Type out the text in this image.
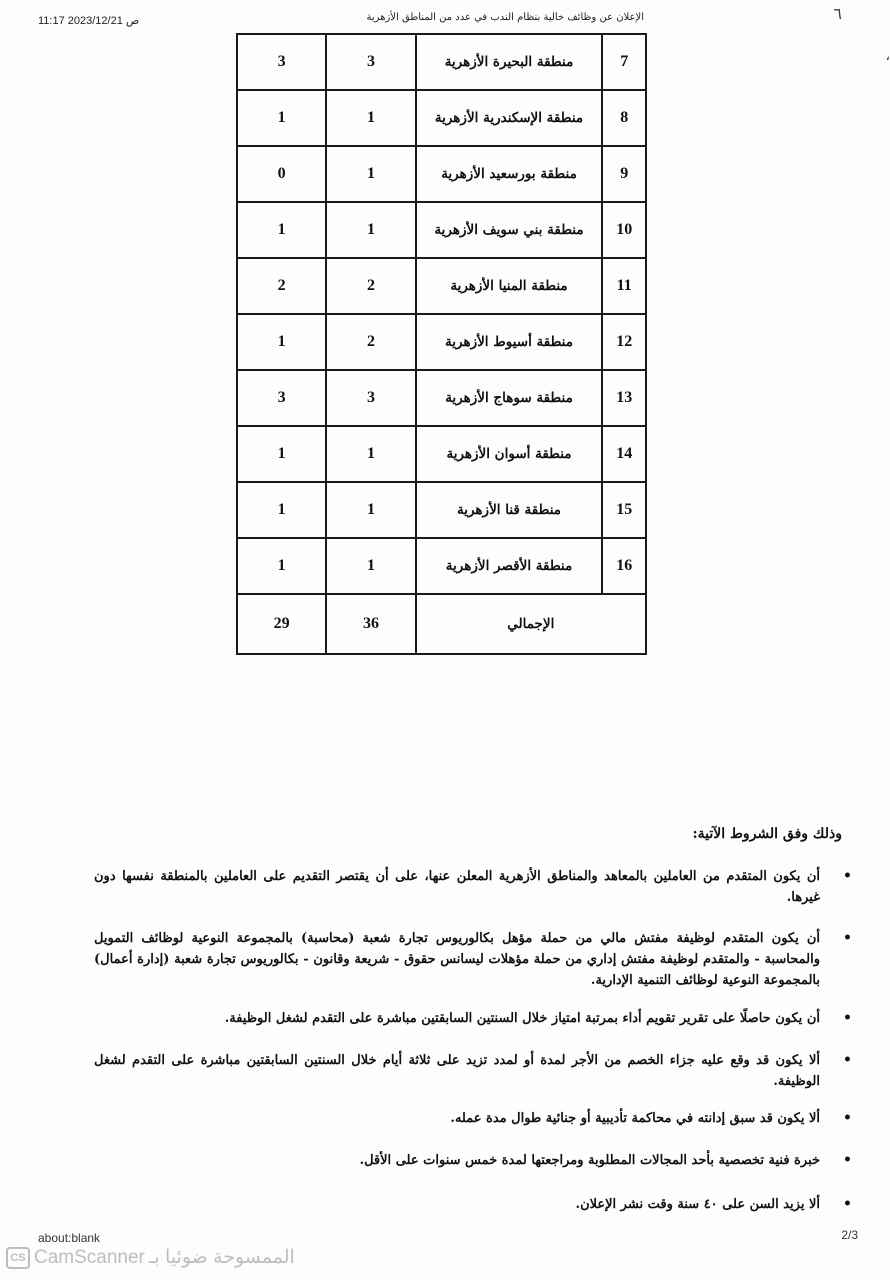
11:17 2023/12/21 ص	الإعلان عن وظائف خالية بنظام الندب في عدد من المناطق الأزهرية	٦
،
7	منطقة البحيرة الأزهرية	3	3
8	منطقة الإسكندرية الأزهرية	1	1
9	منطقة بورسعيد الأزهرية	1	0
10	منطقة بني سويف الأزهرية	1	1
11	منطقة المنيا الأزهرية	2	2
12	منطقة أسيوط الأزهرية	2	1
13	منطقة سوهاج الأزهرية	3	3
14	منطقة أسوان الأزهرية	1	1
15	منطقة قنا الأزهرية	1	1
16	منطقة الأقصر الأزهرية	1	1
الإجمالي		36	29
وذلك وفق الشروط الآتية:
• أن يكون المتقدم من العاملين بالمعاهد والمناطق الأزهرية المعلن عنها، على أن يقتصر التقديم على العاملين بالمنطقة نفسها دون غيرها.
• أن يكون المتقدم لوظيفة مفتش مالي من حملة مؤهل بكالوريوس تجارة شعبة (محاسبة) بالمجموعة النوعية لوظائف التمويل والمحاسبة - والمتقدم لوظيفة مفتش إداري من حملة مؤهلات ليسانس حقوق - شريعة وقانون - بكالوريوس تجارة شعبة (إدارة أعمال) بالمجموعة النوعية لوظائف التنمية الإدارية.
• أن يكون حاصلًا على تقرير تقويم أداء بمرتبة امتياز خلال السنتين السابقتين مباشرة على التقدم لشغل الوظيفة.
• ألا يكون قد وقع عليه جزاء الخصم من الأجر لمدة أو لمدد تزيد على ثلاثة أيام خلال السنتين السابقتين مباشرة على التقدم لشغل الوظيفة.
• ألا يكون قد سبق إدانته في محاكمة تأديبية أو جنائية طوال مدة عمله.
• خبرة فنية تخصصية بأحد المجالات المطلوبة ومراجعتها لمدة خمس سنوات على الأقل.
• ألا يزيد السن على ٤٠ سنة وقت نشر الإعلان.
about:blank	2/3
CS CamScanner الممسوحة ضوئيا بـ
